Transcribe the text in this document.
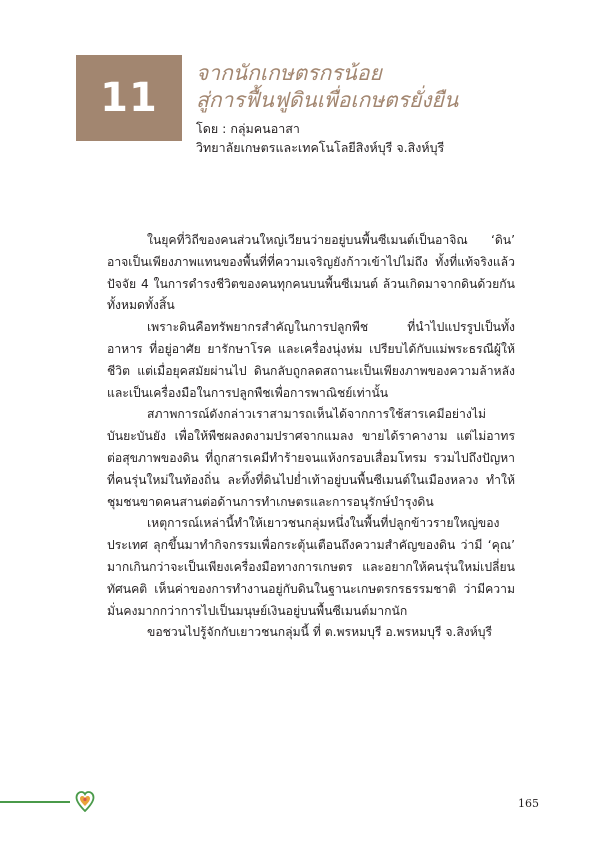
11
จากนักเกษตรกรน้อย
สู่การฟื้นฟูดินเพื่อเกษตรยั่งยืน
โดย : กลุ่มคนอาสา
วิทยาลัยเกษตรและเทคโนโลยีสิงห์บุรี จ.สิงห์บุรี

ในยุคที่วิถีของคนส่วนใหญ่เวียนว่ายอยู่บนพื้นซีเมนต์เป็นอาจิณ ‘ดิน’ อาจเป็นเพียงภาพแทนของพื้นที่ที่ความเจริญยังก้าวเข้าไปไม่ถึง ทั้งที่แท้จริงแล้วปัจจัย 4 ในการดำรงชีวิตของคนทุกคนบนพื้นซีเมนต์ ล้วนเกิดมาจากดินด้วยกันทั้งหมดทั้งสิ้น

เพราะดินคือทรัพยากรสำคัญในการปลูกพืช ที่นำไปแปรรูปเป็นทั้งอาหาร ที่อยู่อาศัย ยารักษาโรค และเครื่องนุ่งห่ม เปรียบได้กับแม่พระธรณีผู้ให้ชีวิต แต่เมื่อยุคสมัยผ่านไป ดินกลับถูกลดสถานะเป็นเพียงภาพของความล้าหลัง และเป็นเครื่องมือในการปลูกพืชเพื่อการพาณิชย์เท่านั้น

สภาพการณ์ดังกล่าวเราสามารถเห็นได้จากการใช้สารเคมีอย่างไม่บันยะบันยัง เพื่อให้พืชผลงดงามปราศจากแมลง ขายได้ราคางาม แต่ไม่อาทรต่อสุขภาพของดิน ที่ถูกสารเคมีทำร้ายจนแห้งกรอบเสื่อมโทรม รวมไปถึงปัญหาที่คนรุ่นใหม่ในท้องถิ่น ละทิ้งที่ดินไปย่ำเท้าอยู่บนพื้นซีเมนต์ในเมืองหลวง ทำให้ชุมชนขาดคนสานต่อด้านการทำเกษตรและการอนุรักษ์บำรุงดิน

เหตุการณ์เหล่านี้ทำให้เยาวชนกลุ่มหนึ่งในพื้นที่ปลูกข้าวรายใหญ่ของประเทศ ลุกขึ้นมาทำกิจกรรมเพื่อกระตุ้นเตือนถึงความสำคัญของดิน ว่ามี ‘คุณ’ มากเกินกว่าจะเป็นเพียงเครื่องมือทางการเกษตร และอยากให้คนรุ่นใหม่เปลี่ยนทัศนคติ เห็นค่าของการทำงานอยู่กับดินในฐานะเกษตรกรธรรมชาติ ว่ามีความมั่นคงมากกว่าการไปเป็นมนุษย์เงินอยู่บนพื้นซีเมนต์มากนัก

ขอชวนไปรู้จักกับเยาวชนกลุ่มนี้ ที่ ต.พรหมบุรี อ.พรหมบุรี จ.สิงห์บุรี

165
